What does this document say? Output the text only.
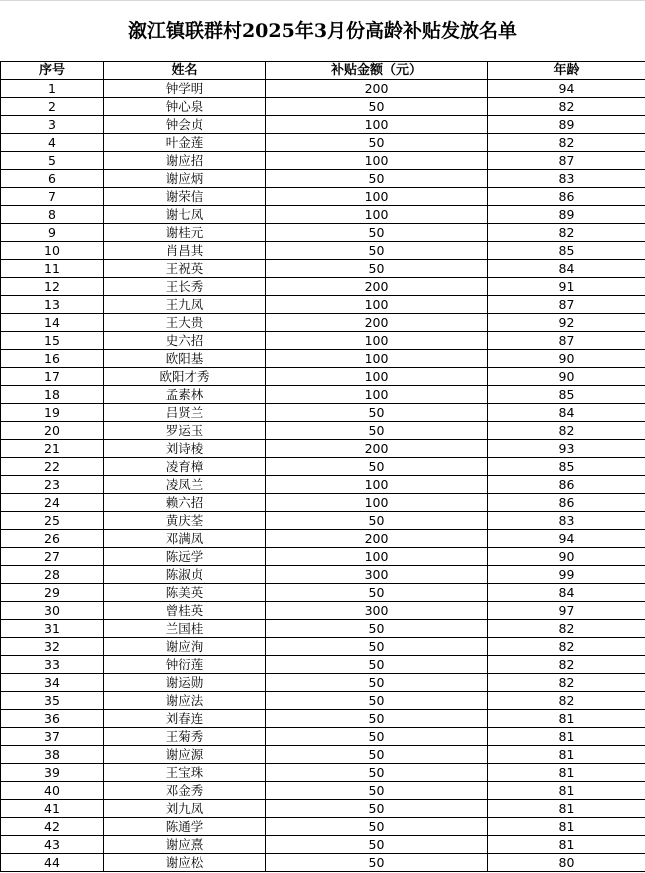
溆江镇联群村2025年3月份高龄补贴发放名单
序号	姓名	补贴金额（元）	年龄
1	钟学明	200	94
2	钟心泉	50	82
3	钟会贞	100	89
4	叶金莲	50	82
5	谢应招	100	87
6	谢应炳	50	83
7	谢荣信	100	86
8	谢七凤	100	89
9	谢桂元	50	82
10	肖昌其	50	85
11	王祝英	50	84
12	王长秀	200	91
13	王九凤	100	87
14	王大贵	200	92
15	史六招	100	87
16	欧阳基	100	90
17	欧阳才秀	100	90
18	孟素林	100	85
19	吕贤兰	50	84
20	罗运玉	50	82
21	刘诗棱	200	93
22	凌育樟	50	85
23	凌凤兰	100	86
24	赖六招	100	86
25	黄庆荃	50	83
26	邓满凤	200	94
27	陈远学	100	90
28	陈淑贞	300	99
29	陈美英	50	84
30	曾桂英	300	97
31	兰国桂	50	82
32	谢应洵	50	82
33	钟衍莲	50	82
34	谢运勋	50	82
35	谢应法	50	82
36	刘春连	50	81
37	王菊秀	50	81
38	谢应源	50	81
39	王宝珠	50	81
40	邓金秀	50	81
41	刘九凤	50	81
42	陈通学	50	81
43	谢应熹	50	81
44	谢应松	50	80
